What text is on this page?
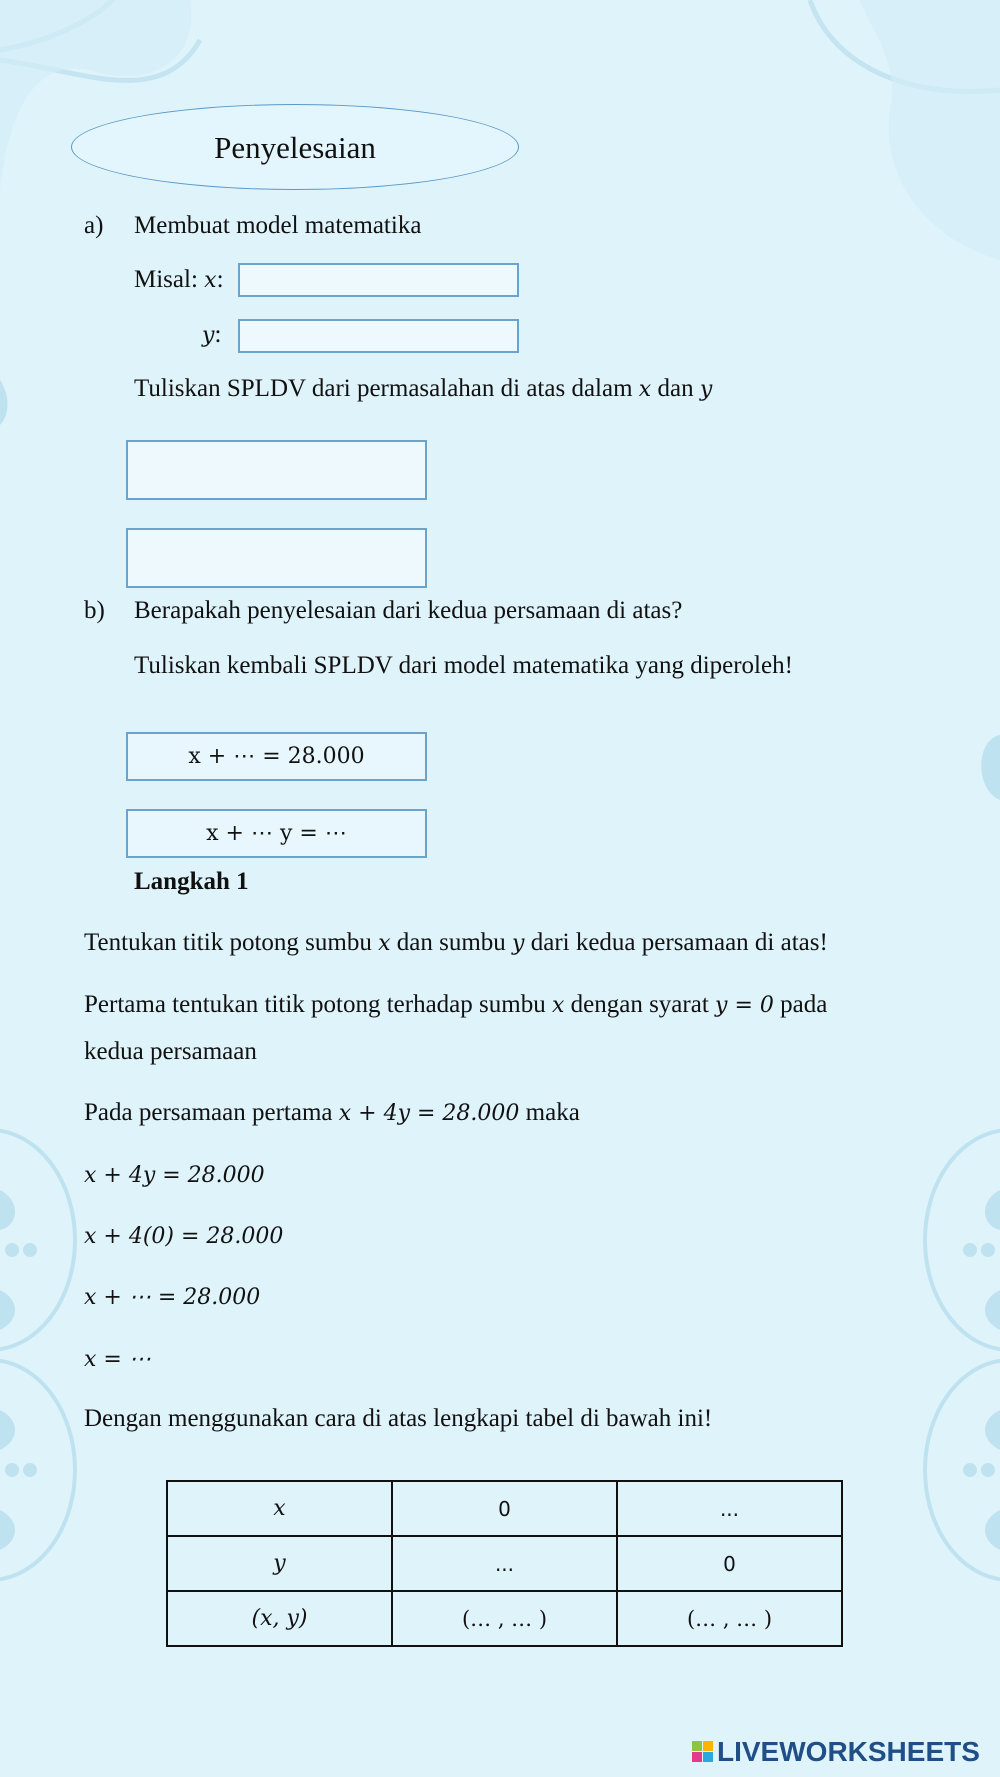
Penyelesaian
a) Membuat model matematika
Misal: x:
y:
Tuliskan SPLDV dari permasalahan di atas dalam x dan y
b) Berapakah penyelesaian dari kedua persamaan di atas?
Tuliskan kembali SPLDV dari model matematika yang diperoleh!
x + ⋯ = 28.000
x + ⋯ y = ⋯
Langkah 1
Tentukan titik potong sumbu x dan sumbu y dari kedua persamaan di atas!
Pertama tentukan titik potong terhadap sumbu x dengan syarat y = 0 pada
kedua persamaan
Pada persamaan pertama x + 4y = 28.000 maka
x + 4y = 28.000
x + 4(0) = 28.000
x + ⋯ = 28.000
x = ⋯
Dengan menggunakan cara di atas lengkapi tabel di bawah ini!
x	0	...
y	...	0
(x, y)	(… , … )	(… , … )
LIVEWORKSHEETS
